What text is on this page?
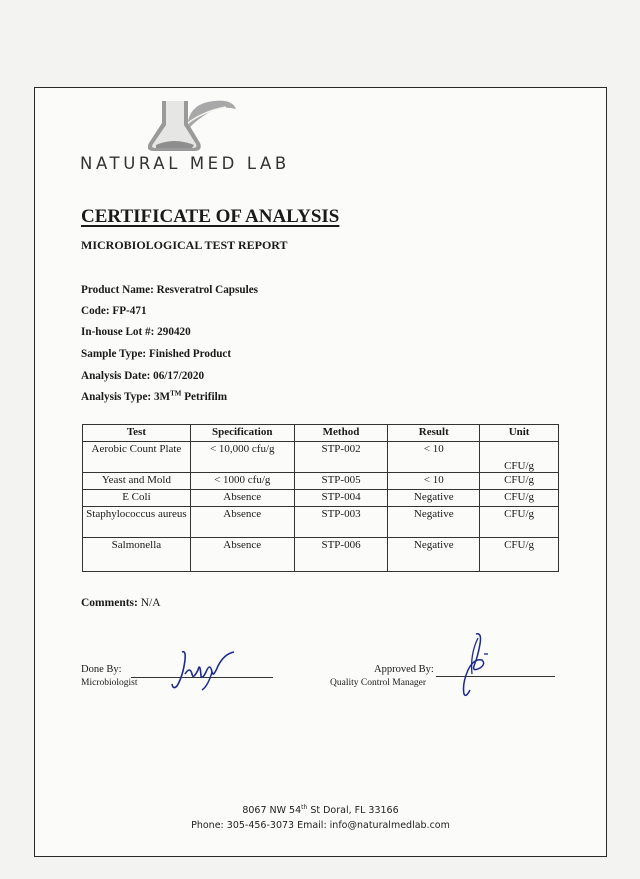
NATURAL MED LAB
CERTIFICATE OF ANALYSIS
MICROBIOLOGICAL TEST REPORT
Product Name: Resveratrol Capsules
Code: FP-471
In-house Lot #: 290420
Sample Type: Finished Product
Analysis Date: 06/17/2020
Analysis Type: 3M™ Petrifilm
Test	Specification	Method	Result	Unit
Aerobic Count Plate	< 10,000 cfu/g	STP-002	< 10	CFU/g
Yeast and Mold	< 1000 cfu/g	STP-005	< 10	CFU/g
E Coli	Absence	STP-004	Negative	CFU/g
Staphylococcus aureus	Absence	STP-003	Negative	CFU/g
Salmonella	Absence	STP-006	Negative	CFU/g
Comments: N/A
Done By:
Microbiologist
Approved By:
Quality Control Manager
8067 NW 54th St Doral, FL 33166
Phone: 305-456-3073 Email: info@naturalmedlab.com
